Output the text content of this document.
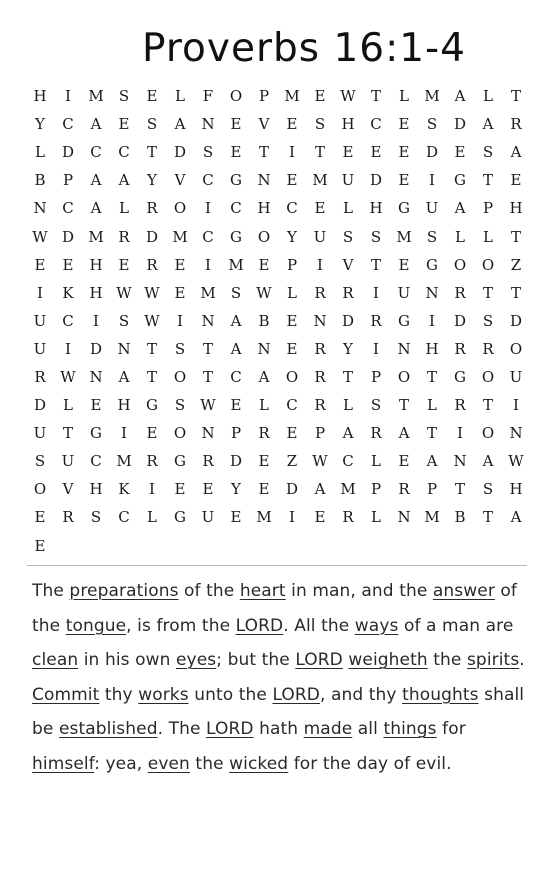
Proverbs 16:1-4
H	I	M	S	E	L	F	O	P	M E W	T	L	M A	L	T
Y	C	A	E	S	A	N	E	V	E	S	H	C	E	S	D	A	R
L	D	C	C	T	D	S	E	T	I	T	E	E	E	D	E	S	A
B	P	A	A	Y	V	C	G	N	E M U	D	E	I	G	T	E
N	C	A	L	R	O	I	C	H	C	E	L	H	G	U	A	P	H
W D M R	D M C	G	O	Y	U	S	S	M	S	L	L	T
E	E	H	E	R	E	I	M E	P	I	V	T	E	G	O	O	Z
I	K	H W W E M	S	W	L	R	R	I	U	N	R	T	T
U	C	I	S	W	I	N	A	B	E	N	D	R	G	I	D	S	D
U	I	D	N	T	S	T	A	N	E	R	Y	I	N H	R	R	O
R W N	A	T	O	T	C	A	O	R	T	P	O	T	G	O	U
D	L	E	H	G	S	W E	L	C	R	L	S	T	L	R	T	I
U	T	G	I	E	O	N	P	R	E	P	A	R	A	T	I	O	N
S	U	C M R	G	R	D	E	Z	W C	L	E	A	N	A W
O	V	H	K	I	E	E	Y	E	D	A M	P	R	P	T	S	H
E	R	S	C	L	G	U	E M	I	E	R	L	N M B	T	A
E
The preparations of the heart in man, and the answer of the tongue, is from the LORD. All the ways of a man are clean in his own eyes; but the LORD weigheth the spirits. Commit thy works unto the LORD, and thy thoughts shall be established. The LORD hath made all things for himself: yea, even the wicked for the day of evil.
